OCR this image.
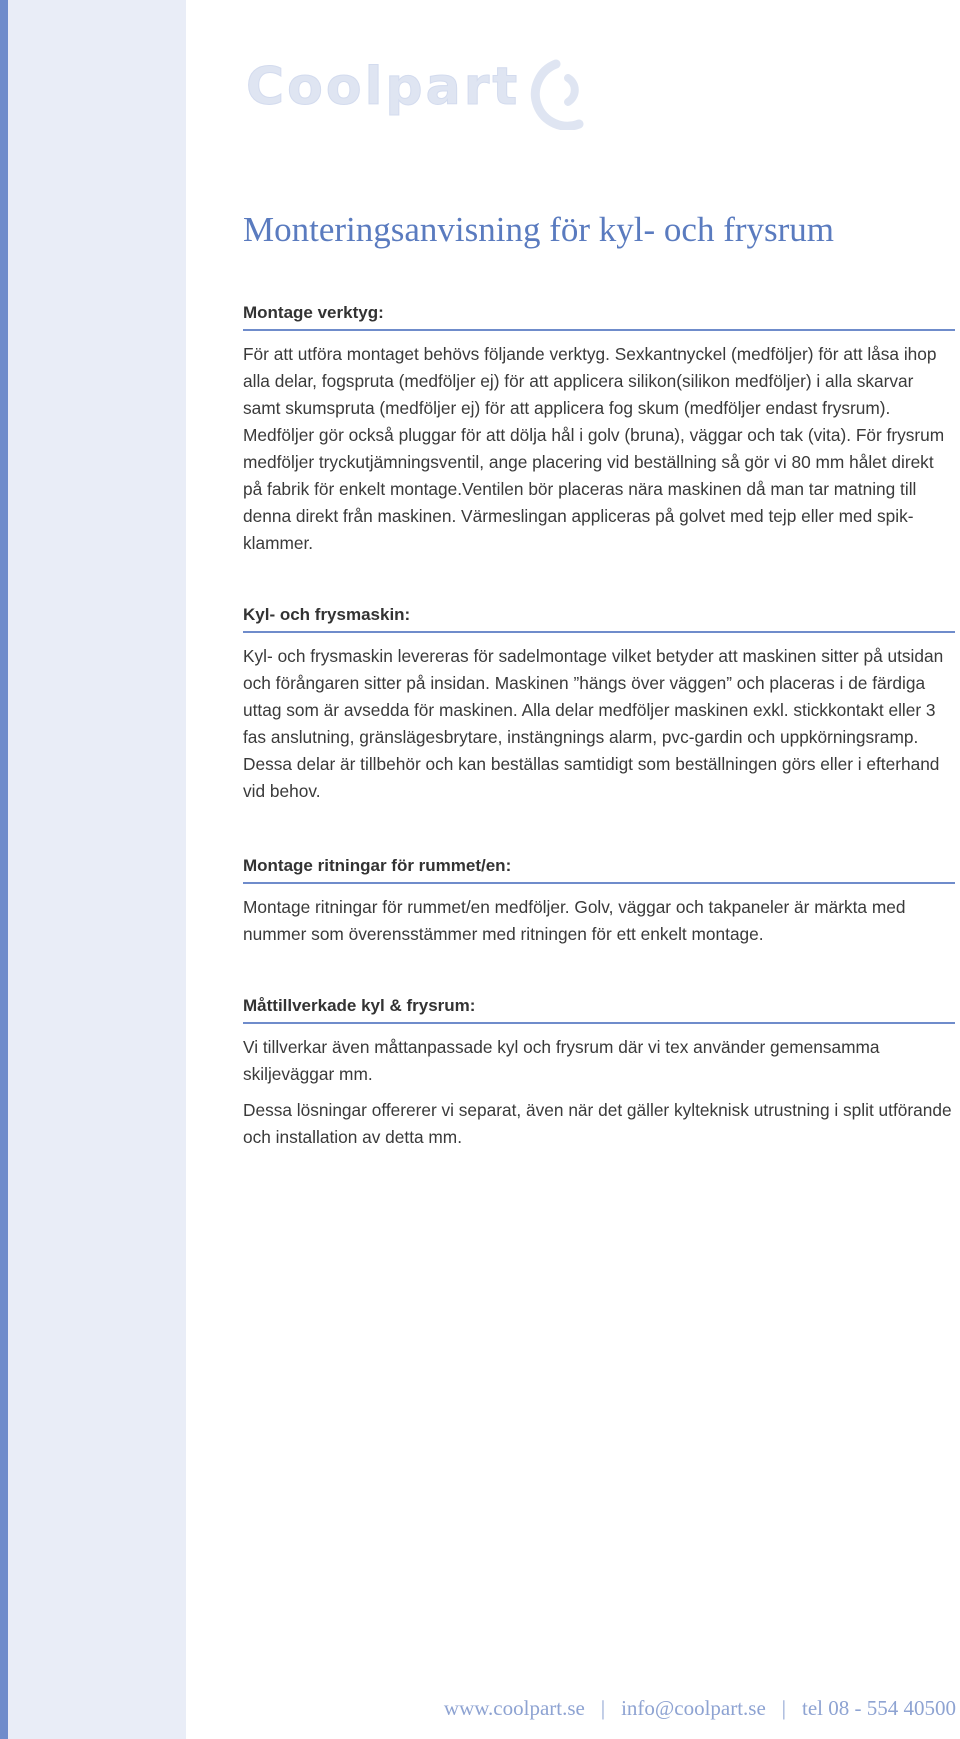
Coolpart
Monteringsanvisning för kyl- och frysrum
Montage verktyg:

För att utföra montaget behövs följande verktyg. Sexkantnyckel (medföljer) för att låsa ihop alla delar, fogspruta (medföljer ej) för att applicera silikon(silikon medföljer) i alla skarvar samt skumspruta (medföljer ej) för att applicera fog skum (medföljer endast frysrum). Medföljer gör också pluggar för att dölja hål i golv (bruna), väggar och tak (vita). För frysrum medföljer tryckutjämningsventil, ange placering vid beställning så gör vi 80 mm hålet direkt på fabrik för enkelt montage.Ventilen bör placeras nära maskinen då man tar matning till denna direkt från maskinen. Värmeslingan appliceras på golvet med tejp eller med spik-klammer.

Kyl- och frysmaskin:

Kyl- och frysmaskin levereras för sadelmontage vilket betyder att maskinen sitter på utsidan och förångaren sitter på insidan. Maskinen ”hängs över väggen” och placeras i de färdiga uttag som är avsedda för maskinen. Alla delar medföljer maskinen exkl. stickkontakt eller 3 fas anslutning, gränslägesbrytare, instängnings alarm, pvc-gardin och uppkörningsramp. Dessa delar är tillbehör och kan beställas samtidigt som beställningen görs eller i efterhand vid behov.

Montage ritningar för rummet/en:

Montage ritningar för rummet/en medföljer. Golv, väggar och takpaneler är märkta med nummer som överensstämmer med ritningen för ett enkelt montage.

Måttillverkade kyl & frysrum:

Vi tillverkar även måttanpassade kyl och frysrum där vi tex använder gemensamma skiljeväggar mm.

Dessa lösningar offererer vi separat, även när det gäller kylteknisk utrustning i split utförande och installation av detta mm.

www.coolpart.se | info@coolpart.se | tel 08 - 554 40500
